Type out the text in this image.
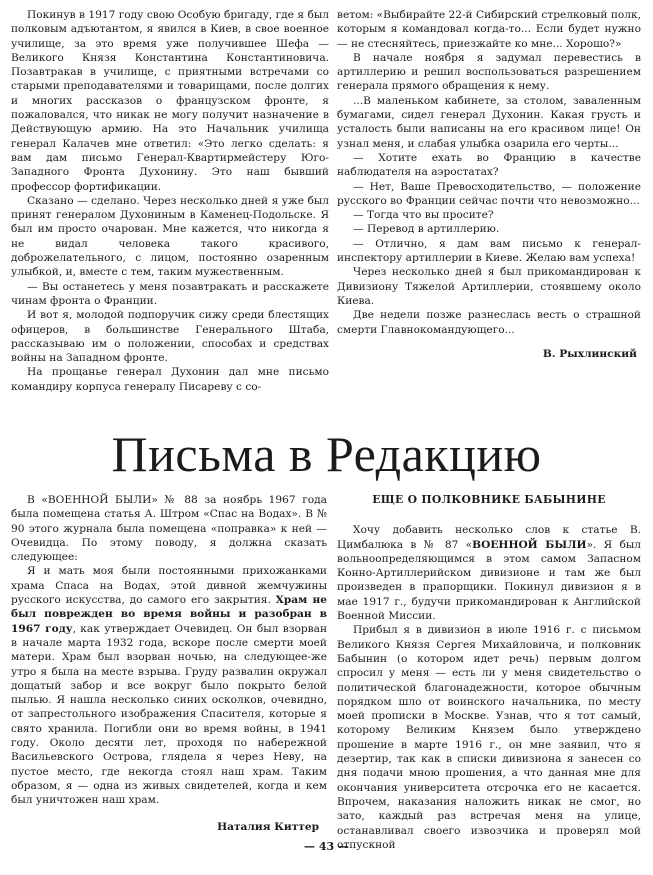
Покинув в 1917 году свою Особую бригаду, где я был полковым адъютантом, я явился в Киев, в свое военное училище, за это время уже получившее Шефа — Великого Князя Константина Константиновича. Позавтракав в училище, с приятными встречами со старыми преподавателями и товарищами, после долгих и многих рассказов о французском фронте, я пожаловался, что никак не могу получит назначение в Действующую армию. На это Начальник училища генерал Калачев мне ответил: «Это легко сделать: я вам дам письмо Генерал-Квартирмейстеру Юго-Западного Фронта Духонину. Это наш бывший профессор фортификации.

Сказано — сделано. Через несколько дней я уже был принят генералом Духониным в Каменец-Подольске. Я был им просто очарован. Мне кажется, что никогда я не видал человека такого красивого, доброжелательного, с лицом, постоянно озаренным улыбкой, и, вместе с тем, таким мужественным.

— Вы останетесь у меня позавтракать и расскажете чинам фронта о Франции.

И вот я, молодой подпоручик сижу среди блестящих офицеров, в большинстве Генерального Штаба, рассказываю им о положении, способах и средствах войны на Западном фронте.

На прощанье генерал Духонин дал мне письмо командиру корпуса генералу Писареву с со-

ветом: «Выбирайте 22-й Сибирский стрелковый полк, которым я командовал когда-то... Если будет нужно — не стесняйтесь, приезжайте ко мне... Хорошо?»

В начале ноября я задумал перевестись в артиллерию и решил воспользоваться разрешением генерала прямого обращения к нему.

...В маленьком кабинете, за столом, заваленным бумагами, сидел генерал Духонин. Какая грусть и усталость были написаны на его красивом лице! Он узнал меня, и слабая улыбка озарила его черты...

— Хотите ехать во Францию в качестве наблюдателя на аэростатах?

— Нет, Ваше Превосходительство, — положение русского во Франции сейчас почти что невозможно...

— Тогда что вы просите?

— Перевод в артиллерию.

— Отлично, я дам вам письмо к генерал-инспектору артиллерии в Киеве. Желаю вам успеха!

Через несколько дней я был прикомандирован к Дивизиону Тяжелой Артиллерии, стоявшему около Киева.

Две недели позже разнеслась весть о страшной смерти Главнокомандующего...

В. Рыхлинский
Письма в Редакцию

В «ВОЕННОЙ БЫЛИ» № 88 за ноябрь 1967 года была помещена статья А. Штром «Спас на Водах». В № 90 этого журнала была помещена «поправка» к ней — Очевидца. По этому поводу, я должна сказать следующее:

Я и мать моя были постоянными прихожанками храма Спаса на Водах, этой дивной жемчужины русского искусства, до самого его закрытия. Храм не был поврежден во время войны и разобран в 1967 году, как утверждает Очевидец. Он был взорван в начале марта 1932 года, вскоре после смерти моей матери. Храм был взорван ночью, на следующее-же утро я была на месте взрыва. Груду развалин окружал дощатый забор и все вокруг было покрыто белой пылью. Я нашла несколько синих осколков, очевидно, от запрестольного изображения Спасителя, которые я свято хранила. Погибли они во время войны, в 1941 году. Около десяти лет, проходя по набережной Васильевского Острова, глядела я через Неву, на пустое место, где некогда стоял наш храм. Таким образом, я — одна из живых свидетелей, когда и кем был уничтожен наш храм.

Наталия Киттер
ЕЩЕ О ПОЛКОВНИКЕ БАБЫНИНЕ

Хочу добавить несколько слов к статье В. Цимбалюка в № 87 «ВОЕННОЙ БЫЛИ». Я был вольноопределяющимся в этом самом Запасном Конно-Артиллерийском дивизионе и там же был произведен в прапорщики. Покинул дивизион я в мае 1917 г., будучи прикомандирован к Английской Военной Миссии.

Прибыл я в дивизион в июле 1916 г. с письмом Великого Князя Сергея Михайловича, и полковник Бабынин (о котором идет речь) первым долгом спросил у меня — есть ли у меня свидетельство о политической благонадежности, которое обычным порядком шло от воинского начальника, по месту моей прописки в Москве. Узнав, что я тот самый, которому Великим Князем было утверждено прошение в марте 1916 г., он мне заявил, что я дезертир, так как в списки дивизиона я занесен со дня подачи мною прошения, а что данная мне для окончания университета отсрочка его не касается. Впрочем, наказания наложить никак не смог, но зато, каждый раз встречая меня на улице, останавливал своего извозчика и проверял мой отпускной

— 43 —
